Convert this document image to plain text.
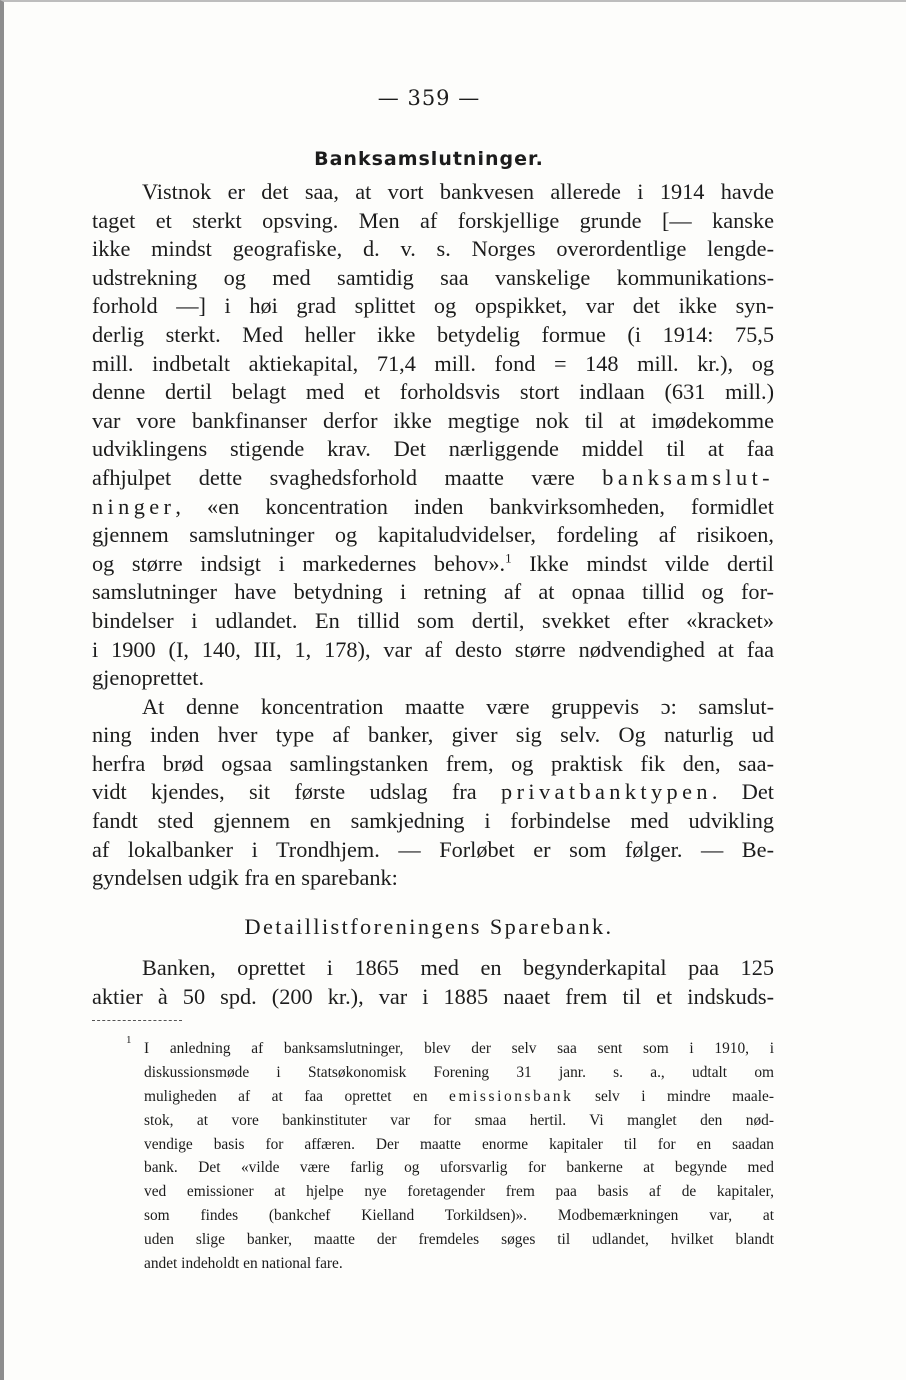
— 359 —
Banksamslutninger.
Vistnok er det saa, at vort bankvesen allerede i 1914 havde
taget et sterkt opsving. Men af forskjellige grunde [— kanske
ikke mindst geografiske, d. v. s. Norges overordentlige lengde-
udstrekning og med samtidig saa vanskelige kommunikations-
forhold —] i høi grad splittet og opspikket, var det ikke syn-
derlig sterkt. Med heller ikke betydelig formue (i 1914: 75,5
mill. indbetalt aktiekapital, 71,4 mill. fond = 148 mill. kr.), og
denne dertil belagt med et forholdsvis stort indlaan (631 mill.)
var vore bankfinanser derfor ikke megtige nok til at imødekomme
udviklingens stigende krav. Det nærliggende middel til at faa
afhjulpet dette svaghedsforhold maatte være banksamslut-
ninger, «en koncentration inden bankvirksomheden, formidlet
gjennem samslutninger og kapitaludvidelser, fordeling af risikoen,
og større indsigt i markedernes behov».$^1$ Ikke mindst vilde dertil
samslutninger have betydning i retning af at opnaa tillid og for-
bindelser i udlandet. En tillid som dertil, svekket efter «kracket»
i 1900 (I, 140, III, 1, 178), var af desto større nødvendighed at faa
gjenoprettet.
At denne koncentration maatte være gruppevis ɔ: samslut-
ning inden hver type af banker, giver sig selv. Og naturlig ud
herfra brød ogsaa samlingstanken frem, og praktisk fik den, saa-
vidt kjendes, sit første udslag fra privatbanktypen. Det
fandt sted gjennem en samkjedning i forbindelse med udvikling
af lokalbanker i Trondhjem. — Forløbet er som følger. — Be-
gyndelsen udgik fra en sparebank:
Detaillistforeningens Sparebank.
Banken, oprettet i 1865 med en begynderkapital paa 125
aktier à 50 spd. (200 kr.), var i 1885 naaet frem til et indskuds-
1 I anledning af banksamslutninger, blev der selv saa sent som i 1910, i
diskussionsmøde i Statsøkonomisk Forening 31 janr. s. a., udtalt om
muligheden af at faa oprettet en emissionsbank selv i mindre maale-
stok, at vore bankinstituter var for smaa hertil. Vi manglet den nød-
vendige basis for affæren. Der maatte enorme kapitaler til for en saadan
bank. Det «vilde være farlig og uforsvarlig for bankerne at begynde med
ved emissioner at hjelpe nye foretagender frem paa basis af de kapitaler,
som findes (bankchef Kielland Torkildsen)». Modbemærkningen var, at
uden slige banker, maatte der fremdeles søges til udlandet, hvilket blandt
andet indeholdt en national fare.
